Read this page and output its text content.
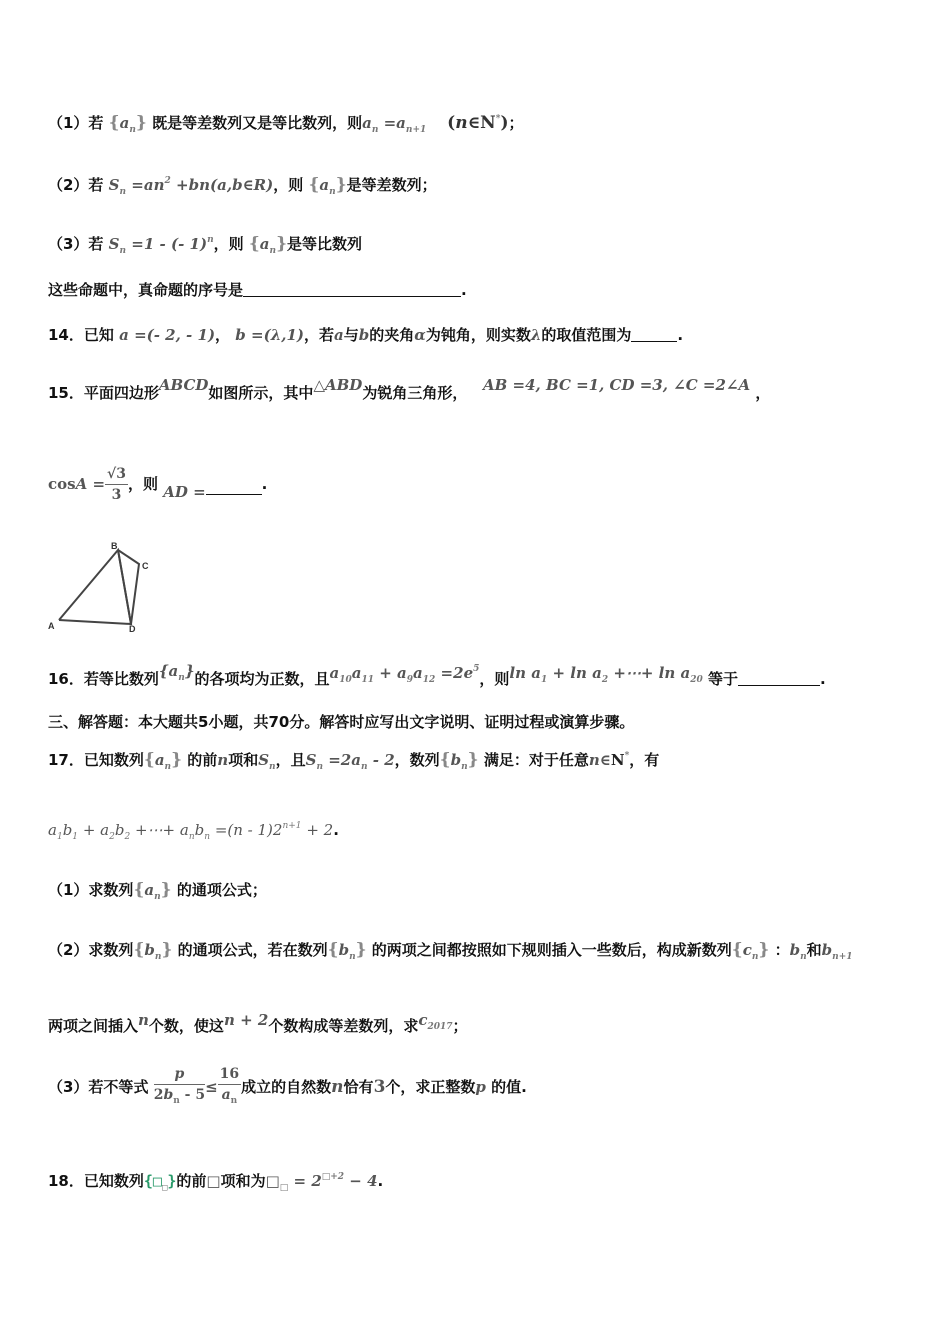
（1）若 $\{a_n\}$ 既是等差数列又是等比数列，则$a_n =a_{n+1}$ (n∈N*)；
（2）若 $S_n =an^2$ +bn(a,b∈R)，则 $\{a_n\}$是等差数列；
（3）若 $S_n =1$ - (- 1)$^n$，则 $\{a_n\}$是等比数列
这些命题中，真命题的序号是	.
14．已知 a =(- 2, - 1)， b =(λ,1)，若a与b的夹角α为钝角，则实数λ的取值范围为	.
15．平面四边形ABCD如图所示，其中△ABD为锐角三角形， AB =4, BC =1, CD =3, ∠C =2∠A ，
$\cos A = \frac{√3}{3}$ ，则 AD =	.
A
B
C
D
16．若等比数列$\{a_n\}$的各项均为正数，且$a_{10}a_{11} + a_9a_{12} =2e^5$，则$\ln a_1 + \ln a_2$ +⋯+ $\ln a_{20}$ 等于	.
三、解答题：本大题共5小题，共70分。解答时应写出文字说明、证明过程或演算步骤。
17．已知数列$\{a_n\}$ 的前n项和$S_n$，且$S_n =2a_n - 2$，数列$\{b_n\}$ 满足：对于任意n∈N*，有
$a_1b_1 + a_2b_2$ +⋯+ $a_nb_n =(n - 1)2^{n+1} + 2$.
（1）求数列$\{a_n\}$ 的通项公式；
（2）求数列$\{b_n\}$ 的通项公式，若在数列$\{b_n\}$ 的两项之间都按照如下规则插入一些数后，构成新数列$\{c_n\}$ ：$b_n$和$b_{n+1}$
两项之间插入n个数，使这n + 2个数构成等差数列，求$c_{2017}$；
（3）若不等式 $\frac{p}{2b_n - 5} \le \frac{16}{a_n}$ 成立的自然数n恰有3个，求正整数p 的值.
18．已知数列$\{□_□\}$的前□项和为$□_□ = 2^{□+2} - 4$.
